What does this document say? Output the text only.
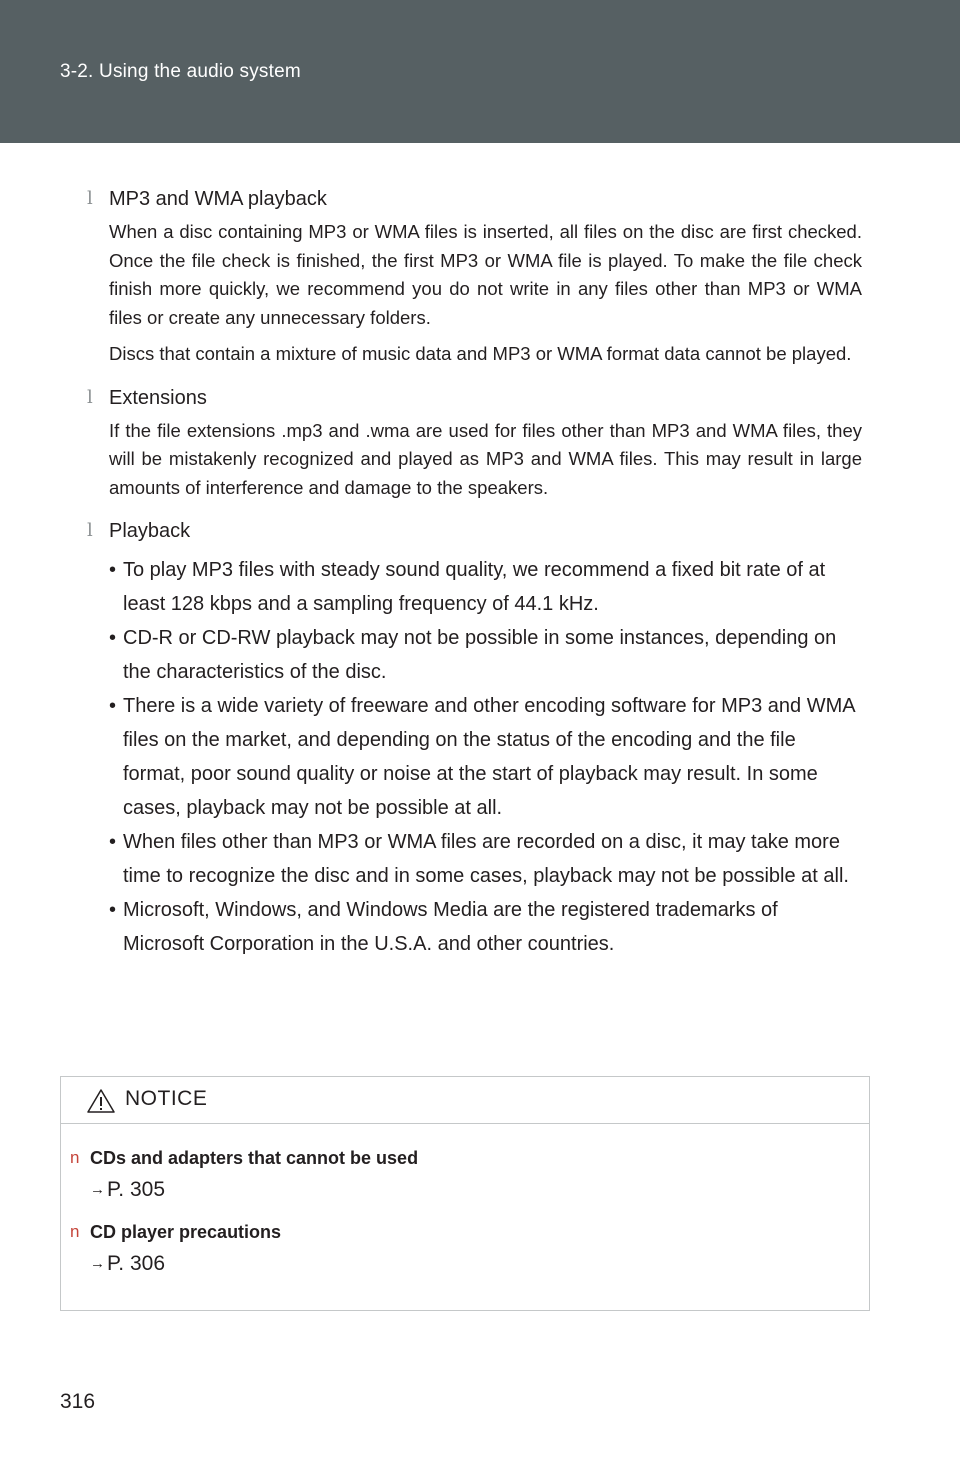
3-2. Using the audio system
l MP3 and WMA playback
When a disc containing MP3 or WMA files is inserted, all files on the disc are first checked. Once the file check is finished, the first MP3 or WMA file is played. To make the file check finish more quickly, we recommend you do not write in any files other than MP3 or WMA files or create any unnecessary folders.
Discs that contain a mixture of music data and MP3 or WMA format data cannot be played.
l Extensions
If the file extensions .mp3 and .wma are used for files other than MP3 and WMA files, they will be mistakenly recognized and played as MP3 and WMA files. This may result in large amounts of interference and damage to the speakers.
l Playback
• To play MP3 files with steady sound quality, we recommend a fixed bit rate of at least 128 kbps and a sampling frequency of 44.1 kHz.
• CD-R or CD-RW playback may not be possible in some instances, depending on the characteristics of the disc.
• There is a wide variety of freeware and other encoding software for MP3 and WMA files on the market, and depending on the status of the encoding and the file format, poor sound quality or noise at the start of playback may result. In some cases, playback may not be possible at all.
• When files other than MP3 or WMA files are recorded on a disc, it may take more time to recognize the disc and in some cases, playback may not be possible at all.
• Microsoft, Windows, and Windows Media are the registered trademarks of Microsoft Corporation in the U.S.A. and other countries.
NOTICE
n CDs and adapters that cannot be used
→ P. 305
n CD player precautions
→ P. 306
316
